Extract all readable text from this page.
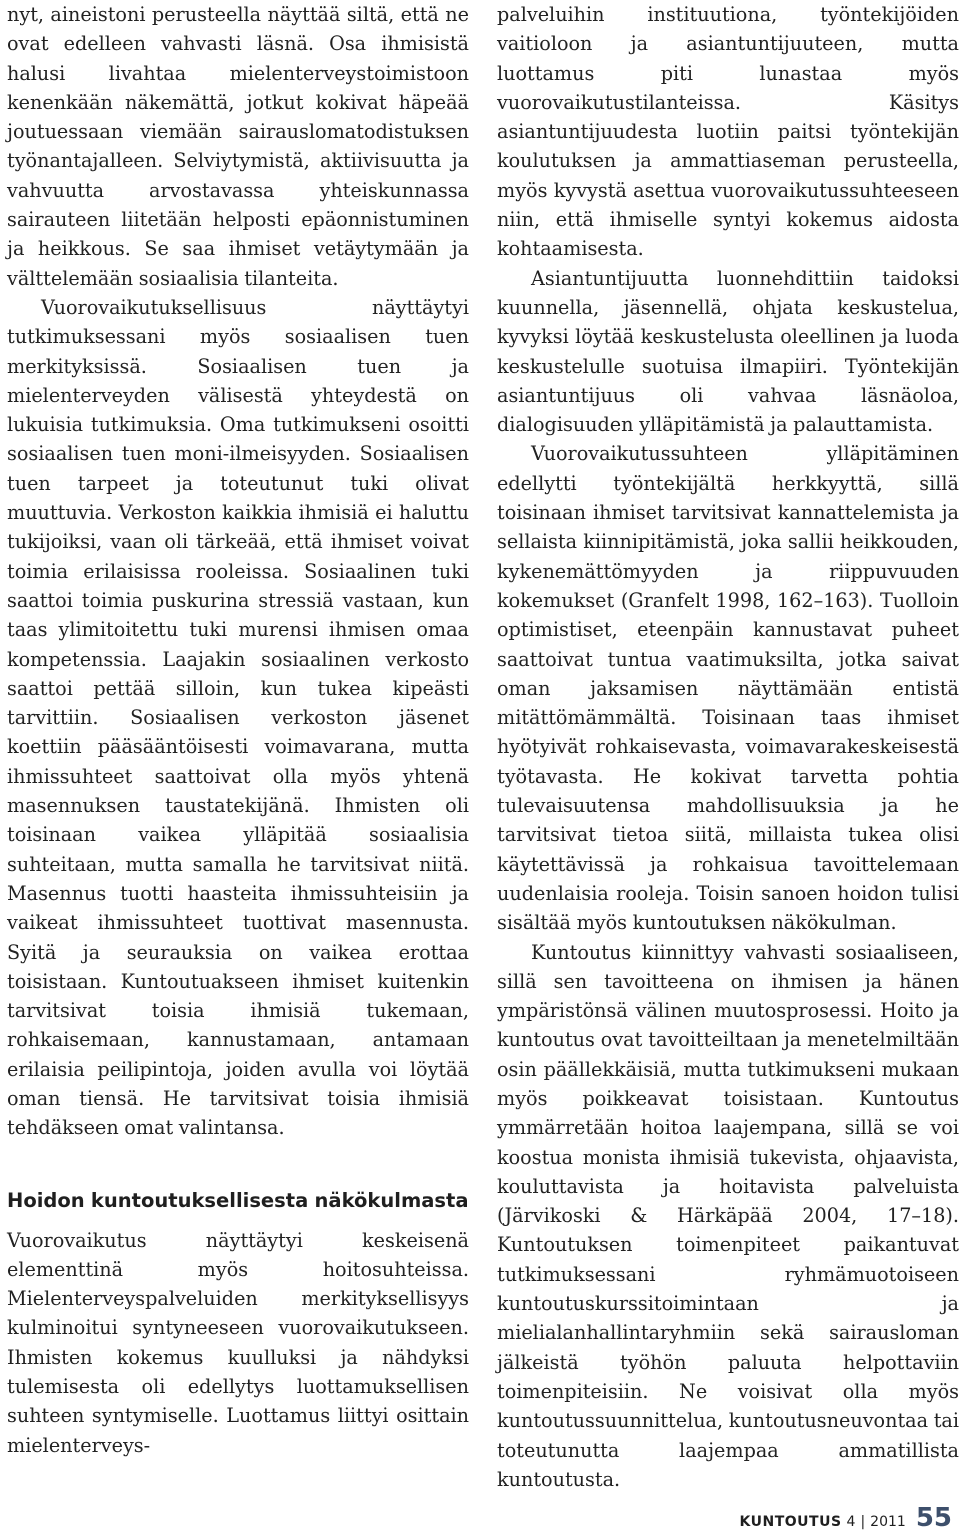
nyt, aineistoni perusteella näyttää siltä, että ne ovat edelleen vahvasti läsnä. Osa ihmisistä halusi livahtaa mielenterveystoimistoon kenenkään näkemättä, jotkut kokivat häpeää joutuessaan viemään sairauslomatodistuksen työnantajalleen. Selviytymistä, aktiivisuutta ja vahvuutta arvostavassa yhteiskunnassa sairauteen liitetään helposti epäonnistuminen ja heikkous. Se saa ihmiset vetäytymään ja välttelemään sosiaalisia tilanteita.

Vuorovaikutuksellisuus näyttäytyi tutkimuksessani myös sosiaalisen tuen merkityksissä. Sosiaalisen tuen ja mielenterveyden välisestä yhteydestä on lukuisia tutkimuksia. Oma tutkimukseni osoitti sosiaalisen tuen moni-ilmeisyyden. Sosiaalisen tuen tarpeet ja toteutunut tuki olivat muuttuvia. Verkoston kaikkia ihmisiä ei haluttu tukijoiksi, vaan oli tärkeää, että ihmiset voivat toimia erilaisissa rooleissa. Sosiaalinen tuki saattoi toimia puskurina stressiä vastaan, kun taas ylimitoitettu tuki murensi ihmisen omaa kompetenssia. Laajakin sosiaalinen verkosto saattoi pettää silloin, kun tukea kipeästi tarvittiin. Sosiaalisen verkoston jäsenet koettiin pääsääntöisesti voimavarana, mutta ihmissuhteet saattoivat olla myös yhtenä masennuksen taustatekijänä. Ihmisten oli toisinaan vaikea ylläpitää sosiaalisia suhteitaan, mutta samalla he tarvitsivat niitä. Masennus tuotti haasteita ihmissuhteisiin ja vaikeat ihmissuhteet tuottivat masennusta. Syitä ja seurauksia on vaikea erottaa toisistaan. Kuntoutuakseen ihmiset kuitenkin tarvitsivat toisia ihmisiä tukemaan, rohkaisemaan, kannustamaan, antamaan erilaisia peilipintoja, joiden avulla voi löytää oman tiensä. He tarvitsivat toisia ihmisiä tehdäkseen omat valintansa.

Hoidon kuntoutuksellisesta näkökulmasta

Vuorovaikutus näyttäytyi keskeisenä elementtinä myös hoitosuhteissa. Mielenterveyspalveluiden merkityksellisyys kulminoitui syntyneeseen vuorovaikutukseen. Ihmisten kokemus kuulluksi ja nähdyksi tulemisesta oli edellytys luottamuksellisen suhteen syntymiselle. Luottamus liittyi osittain mielenterveys-

palveluihin instituutiona, työntekijöiden vaitioloon ja asiantuntijuuteen, mutta luottamus piti lunastaa myös vuorovaikutustilanteissa. Käsitys asiantuntijuudesta luotiin paitsi työntekijän koulutuksen ja ammattiaseman perusteella, myös kyvystä asettua vuorovaikutussuhteeseen niin, että ihmiselle syntyi kokemus aidosta kohtaamisesta.

Asiantuntijuutta luonnehdittiin taidoksi kuunnella, jäsennellä, ohjata keskustelua, kyvyksi löytää keskustelusta oleellinen ja luoda keskustelulle suotuisa ilmapiiri. Työntekijän asiantuntijuus oli vahvaa läsnäoloa, dialogisuuden ylläpitämistä ja palauttamista.

Vuorovaikutussuhteen ylläpitäminen edellytti työntekijältä herkkyyttä, sillä toisinaan ihmiset tarvitsivat kannattelemista ja sellaista kiinnipitämistä, joka sallii heikkouden, kykenemättömyyden ja riippuvuuden kokemukset (Granfelt 1998, 162–163). Tuolloin optimistiset, eteenpäin kannustavat puheet saattoivat tuntua vaatimuksilta, jotka saivat oman jaksamisen näyttämään entistä mitättömämmältä. Toisinaan taas ihmiset hyötyivät rohkaisevasta, voimavarakeskeisestä työtavasta. He kokivat tarvetta pohtia tulevaisuutensa mahdollisuuksia ja he tarvitsivat tietoa siitä, millaista tukea olisi käytettävissä ja rohkaisua tavoittelemaan uudenlaisia rooleja. Toisin sanoen hoidon tulisi sisältää myös kuntoutuksen näkökulman.

Kuntoutus kiinnittyy vahvasti sosiaaliseen, sillä sen tavoitteena on ihmisen ja hänen ympäristönsä välinen muutosprosessi. Hoito ja kuntoutus ovat tavoitteiltaan ja menetelmiltään osin päällekkäisiä, mutta tutkimukseni mukaan myös poikkeavat toisistaan. Kuntoutus ymmärretään hoitoa laajempana, sillä se voi koostua monista ihmisiä tukevista, ohjaavista, kouluttavista ja hoitavista palveluista (Järvikoski & Härkäpää 2004, 17–18). Kuntoutuksen toimenpiteet paikantuvat tutkimuksessani ryhmämuotoiseen kuntoutuskurssitoimintaan ja mielialanhallintaryhmiin sekä sairausloman jälkeistä työhön paluuta helpottaviin toimenpiteisiin. Ne voisivat olla myös kuntoutussuunnittelua, kuntoutusneuvontaa tai toteutunutta laajempaa ammatillista kuntoutusta.

KUNTOUTUS 4 | 2011 55
